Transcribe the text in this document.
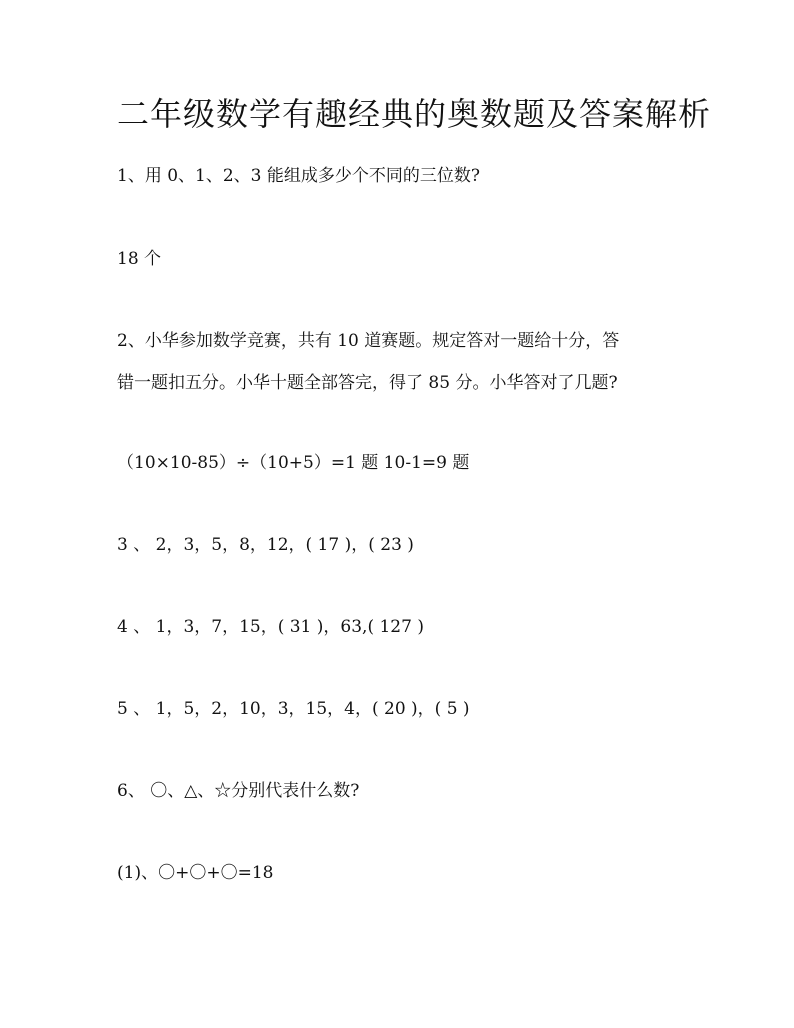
二年级数学有趣经典的奥数题及答案解析
1、用 0、1、2、3 能组成多少个不同的三位数?
18 个
2、小华参加数学竞赛，共有 10 道赛题。规定答对一题给十分，答
错一题扣五分。小华十题全部答完，得了 85 分。小华答对了几题?
（10×10-85）÷（10+5）=1 题 10-1=9 题
3 、 2，3，5，8，12，( 17 )，( 23 )
4 、 1，3，7，15，( 31 )，63,( 127 )
5 、 1，5，2，10，3，15，4，( 20 )，( 5 )
6、 〇、△、☆分别代表什么数?
(1)、〇+〇+〇=18
